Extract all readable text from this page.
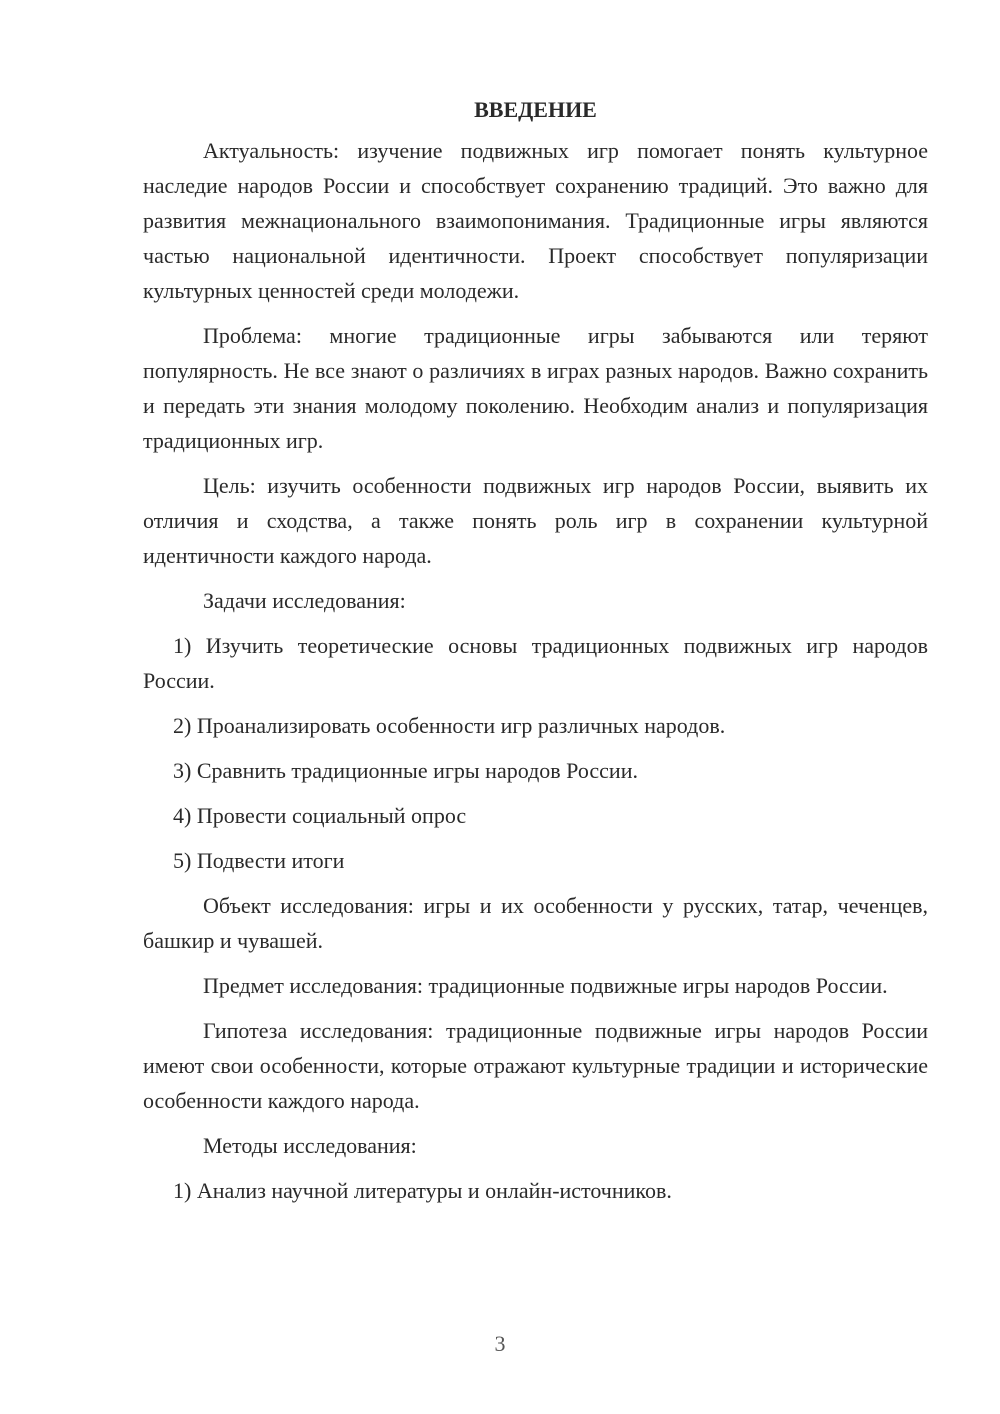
ВВЕДЕНИЕ

Актуальность: изучение подвижных игр помогает понять культурное наследие народов России и способствует сохранению традиций. Это важно для развития межнационального взаимопонимания. Традиционные игры являются частью национальной идентичности. Проект способствует популяризации культурных ценностей среди молодежи.

Проблема: многие традиционные игры забываются или теряют популярность. Не все знают о различиях в играх разных народов. Важно сохранить и передать эти знания молодому поколению. Необходим анализ и популяризация традиционных игр.

Цель: изучить особенности подвижных игр народов России, выявить их отличия и сходства, а также понять роль игр в сохранении культурной идентичности каждого народа.

Задачи исследования:

1) Изучить теоретические основы традиционных подвижных игр народов России.

2) Проанализировать особенности игр различных народов.

3) Сравнить традиционные игры народов России.

4) Провести социальный опрос

5) Подвести итоги

Объект исследования: игры и их особенности у русских, татар, чеченцев, башкир и чувашей.

Предмет исследования: традиционные подвижные игры народов России.

Гипотеза исследования: традиционные подвижные игры народов России имеют свои особенности, которые отражают культурные традиции и исторические особенности каждого народа.

Методы исследования:

1) Анализ научной литературы и онлайн-источников.

3
